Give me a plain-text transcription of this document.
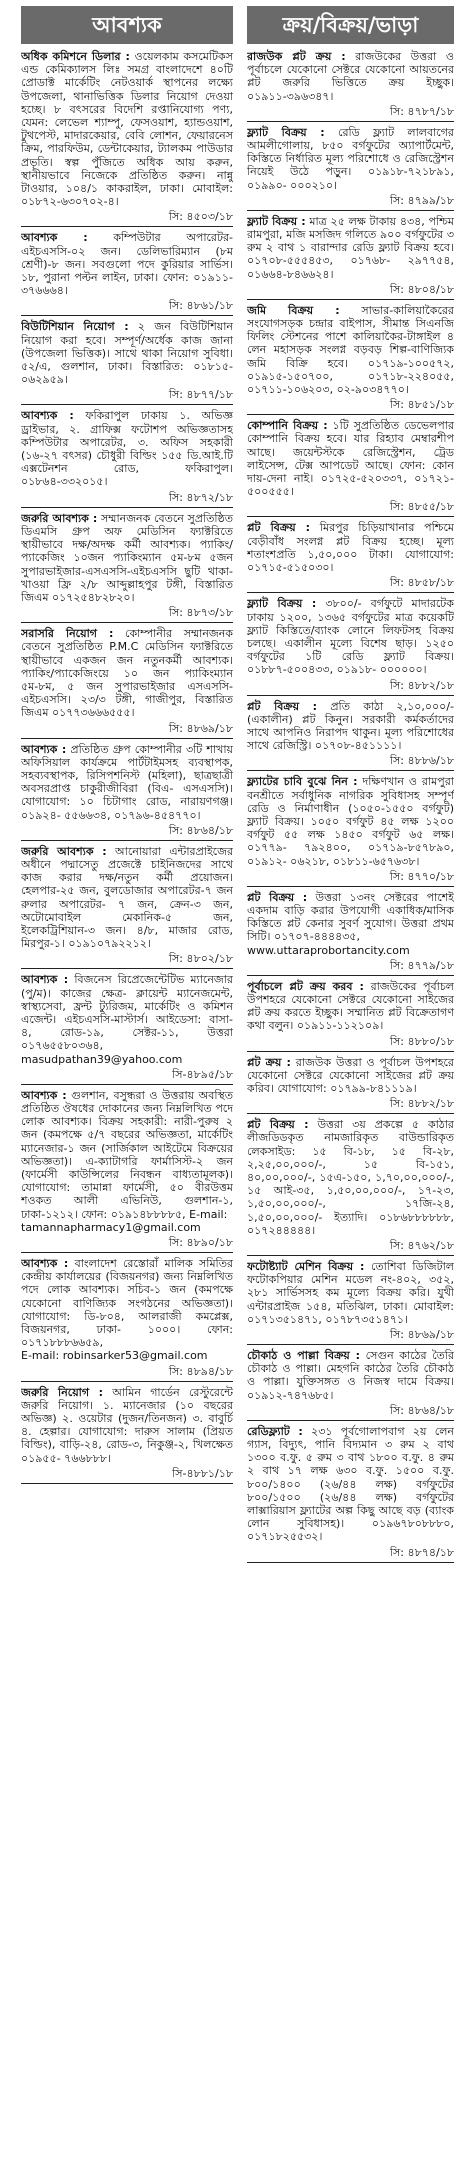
আবশ্যক
অধিক কমিশনে ডিলার : ওয়েলকাম কসমেটিকস এন্ড কেমিক্যালস লিঃ সমগ্র বাংলাদেশে ৪০টি প্রোডাক্ট মার্কেটিং নেটওয়ার্ক স্থাপনের লক্ষ্যে উপজেলা, থানাভিত্তিক ডিলার নিয়োগ দেওয়া হচ্ছে। ৮ বৎসরের বিদেশি রপ্তানিযোগ্য পণ্য, যেমন: লেভেল শ্যাম্পু, ফেসওয়াশ, হ্যান্ডওয়াশ, টুথপেস্ট, মাদারকেয়ার, বেবি লোশন, ফেয়ারনেস ক্রিম, পারফিউম, ডেন্টাকেয়ার, ট্যালকম পাউডার প্রভৃতি। স্বল্প পুঁজিতে অধিক আয় করুন, স্থানীয়ভাবে নিজেকে প্রতিষ্ঠিত করুন। নান্নু টাওয়ার, ১০৪/১ কাকরাইল, ঢাকা। মোবাইল: ০১৮৭২-৬৩০৭০২-৪।
সি: ৪৫০৩/১৮
আবশ্যক : কম্পিউটার অপারেটর- এইচএসসি-০২ জন। ডেলিভারিম্যান (৮ম শ্রেণী)-৮ জন। সবগুলো পদে কুরিয়ার সার্ভিস। ১৮, পুরানা পল্টন লাইন, ঢাকা। ফোন: ০১৯১১- ৩৭৬৬৬৪।
সি: ৪৮৬১/১৮
বিউটিশিয়ান নিয়োগ : ২ জন বিউটিশিয়ান নিয়োগ করা হবে। সম্পূর্ণ/অর্ধেক কাজ জানা (উপজেলা ভিত্তিক)। সাথে থাকা নিয়োগ সুবিধা। ৫২/এ, গুলশান, ঢাকা। বিস্তারিত: ০১৮১৫- ০৬২৯৫৯।
সি: ৪৮৭৭/১৮
আবশ্যক : ফকিরাপুল ঢাকায় ১. অভিজ্ঞ ড্রাইভার, ২. গ্রাফিক্স ফটোশপ অভিজ্ঞতাসহ কম্পিউটার অপারেটর, ৩. অফিস সহকারী (১৬-২৭ বৎসর) চৌধুরী বিল্ডিং ১৫৫ ডি.আই.টি এক্সটেনশন রোড, ফকিরাপুল। ০১৮৬৪-৩৩২০১৫।
সি: ৪৮৭২/১৮
জরুরি আবশ্যক : সম্মানজনক বেতনে সুপ্রতিষ্ঠিত ডিএমসি গ্রুপ অফ মেডিসিন ফ্যাক্টরিতে স্থায়ীভাবে দক্ষ/অদক্ষ কর্মী আবশ্যক। প্যাকিং/প্যাকেজিং ১০জন প্যাকিংম্যান ৫ম-৮ম ৫জন সুপারভাইজার-এসএসসি-এইচএসসি ছুটি থাকা-খাওয়া ফ্রি ২/৮ আব্দুল্লাহপুর টঙ্গী, বিস্তারিত জিএম ০১৭২৫৪৮২৮২০।
সি: ৪৮৭৩/১৮
সরাসরি নিয়োগ : কোম্পানীর সম্মানজনক বেতনে সুপ্রতিষ্ঠিত P.M.C মেডিসিন ফ্যাক্টরিতে স্থায়ীভাবে একজন জন নতুনকর্মী আবশ্যক। প্যাকিং/প্যাকেজিংয়ে ১০ জন প্যাকিংম্যান ৫ম-৮ম, ৫ জন সুপারভাইজার এসএসসি-এইচএসসি। ২৩/৩ টঙ্গী, গাজীপুর, বিস্তারিত জিএম ০১৭৭৩৬৬৬৫৫৫।
সি: ৪৮৬৯/১৮
আবশ্যক : প্রতিষ্ঠিত গ্রুপ কোম্পানীর ৩টি শাখায় অফিসিয়াল কার্যক্রমে পার্টটাইমসহ ব্যবস্থাপক, সহব্যবস্থাপক, রিসিপশনিস্ট (মহিলা), ছাত্রছাত্রী অবসরপ্রাপ্ত চাকুরীজীবিরা (বিএ- এসএসসি)। যোগাযোগ: ১০ চিটাগাং রোড, নারায়ণগঞ্জ। ০১৯২৪- ৫৫৬৬৩৪, ০১৭৯৬-৪৫৪৭৭০।
সি: ৪৮৬৪/১৮
জরুরি আবশ্যক : আনোয়ারা এন্টারপ্রাইজের অধীনে পদ্মাসেতু প্রজেক্টে চাইনিজদের সাথে কাজ করার দক্ষ/নতুন কর্মী প্রয়োজন। হেলপার-২৫ জন, বুলডোজার অপারেটর-৭ জন রুলার অপারেটর- ৭ জন, ক্রেন-৩ জন, অটোমোবাইল মেকানিক-৫ জন, ইলেকট্রিশিয়ান-৩ জন। ৪/৮, মাজার রোড, মিরপুর-১। ০১৯১০৭৯২২১২।
সি: ৪৮০২/১৮
আবশ্যক : বিজনেস রিপ্রেজেন্টেটিভ ম্যানেজার (পু/ম)। কাজের ক্ষেত্র- ক্লায়েন্ট ম্যানেজমেন্ট, স্বাস্থ্যসেবা, ফ্রন্ট ট্যুরিজম, মার্কেটিং ও কমিশন এজেন্ট। এইচএসসি-মাস্টার্স। আইডেসা: বাসা- ৪, রোড-১৯, সেক্টর-১১, উত্তরা ০১৭৬৫৫৮০৩৬৪,
masudpathan39@yahoo.com
সি-৪৮৯৫/১৮
আবশ্যক : গুলশান, বসুন্ধরা ও উত্তরায় অবস্থিত প্রতিষ্ঠিত ঔষধের দোকানের জন্য নিম্নলিখিত পদে লোক আবশ্যক। বিক্রয় সহকারী: নারী-পুরুষ ২ জন (কমপক্ষে ৫/৭ বছরের অভিজ্ঞতা, মার্কেটিং ম্যানেজার-১ জন (সার্জিকাল আইটেমে বিক্রয়ের অভিজ্ঞতা)। এ-ক্যাটাগরি ফার্মাসিস্ট-২ জন (ফার্মেসী কাউন্সিলের নিবন্ধন বাধ্যতামূলক)। যোগাযোগ: তামান্না ফার্মেসী, ৫০ বীরউত্তম শওকত আলী এভিনিউ, গুলশান-১, ঢাকা-১২১২। ফোন: ০১৯১৪৮৮৮৮৫, E-mail:
tamannapharmacy1@gmail.com
সি: ৪৮৯০/১৮
আবশ্যক : বাংলাদেশ রেস্তোরাঁ মালিক সমিতির কেন্দ্রীয় কার্যালয়ের (বিজয়নগর) জন্য নিম্নলিখিত পদে লোক আবশ্যক। সচিব-১ জন (কমপক্ষে যেকোনো বাণিজ্যিক সংগঠনের অভিজ্ঞতা)। যোগাযোগ: ডি-৮০৪, আলরাজী কমপ্লেক্স, বিজয়নগর, ঢাকা- ১০০০। ফোন: ০১৭১৮৮৮৬৬৫৯,
E-mail: robinsarker53@gmail.com
সি: ৪৮৯৪/১৮
জরুরি নিয়োগ : আমিন গার্ডেন রেস্টুরেন্টে জরুরি নিয়োগ। ১. ম্যানেজার (১০ বছরের অভিজ্ঞ) ২. ওয়েটার (দুজন/তিনজন) ৩. বাবুর্চি ৪. হেল্পার। যোগাযোগ: দারুস সালাম (প্রিয়ত বিল্ডিং), বাড়ি-২৪, রোড-৩, নিকুঞ্জ-২, খিলক্ষেত ০১৯৫৫- ৭৬৬৮৮৮।
সি-৪৮৮১/১৮
ক্রয়/বিক্রয়/ভাড়া
রাজউক প্লট ক্রয় : রাজউকের উত্তরা ও পূর্বাচলে যেকোনো সেক্টরে যেকোনো আয়তনের প্লট জরুরি ভিত্তিতে ক্রয় ইচ্ছুক। ০১৯১১-৩৯৬৩৪৭।
সি: ৪৭৮৭/১৮
ফ্ল্যাট বিক্রয় : রেডি ফ্ল্যাট লালবাগের আমলীগোলায়, ৮৫০ বর্গফুটের অ্যাপার্টমেন্ট, কিস্তিতে নির্ধারিত মূল্য পরিশোধে ও রেজিস্ট্রেশন নিয়েই উঠে পড়ুন। ০১৯১৮-৭২১৮৯১, ০১৯৯০- ০০০২১০।
সি: ৪৭৯৯/১৮
ফ্ল্যাট বিক্রয় : মাত্র ২৫ লক্ষ টাকায় ৪৩৪, পশ্চিম রামপুরা, মজি মসজিদ গলিতে ৯০০ বর্গফুটের ৩ রুম ২ বাথ ১ বারান্দার রেডি ফ্ল্যাট বিক্রয় হবে। ০১৭০৮-৫৫৫৪৫৩, ০১৭৬৮- ২৯৭৭৫৪, ০১৬৬৪-৮৪৬৬২৪।
সি: ৪৮০৪/১৮
জমি বিক্রয় : সাভার-কালিয়াকৈরের সংযোগসড়ক চন্দ্রার বাইপাস, সীমান্ত সিএনজি ফিলিং স্টেশনের পাশে কালিয়াকৈর-টাঙ্গাইল ৪ লেন মহাসড়ক সংলগ্ন বড়বড় শিল্প-বাণিজ্যিক জমি বিক্রি হবে। ০১৭১৯-১০০৫৭২, ০১৯১৫-১৫০৭০০, ০১৭১৮-২২৪০৫৫, ০১৭১১-১০৬২০৩, ০২-৯০৩৪৭৭০।
সি: ৪৮৫১/১৮
কোম্পানি বিক্রয় : ১টি সুপ্রতিষ্ঠিত ডেভেলপার কোম্পানি বিক্রয় হবে। যার রিহ্যাব মেম্বারশীপ আছে। জয়েন্টস্টকে রেজিস্ট্রেশন, ট্রেড লাইসেন্স, টেক্স আপডেট আছে। ফোন: কোন দায়-দেনা নাই। ০১৭২৫-৫২০৩৩৭, ০১৭২১- ৫০০৫৫৫।
সি: ৪৮৫৫/১৮
প্লট বিক্রয় : মিরপুর চিড়িয়াখানার পশ্চিমে বেড়ীবাঁধ সংলগ্ন প্লট বিক্রয় হচ্ছে। মূল্য শতাংশপ্রতি ১,৫০,০০০ টাকা। যোগাযোগ: ০১৭১৫-৫১৫০৩০।
সি: ৪৮৫৮/১৮
ফ্ল্যাট বিক্রয় : ৩৮০০/- বর্গফুটে মাদারটেক ঢাকায় ১২০০, ১৩৬৫ বর্গফুটের মাত্র কয়েকটি ফ্ল্যাট কিস্তিতে/ব্যাংক লোনে লিফটসহ বিক্রয় চলছে। একালীন মূল্যে বিশেষ ছাড়। ১২৫০ বর্গফুটের ১টি রেডি ফ্ল্যাট বিক্রয়। ০১৮৮৭-৫০০৪৩৩, ০১৯১৮- ০০০০০০।
সি: ৪৮৮২/১৮
প্লট বিক্রয় : প্রতি কাঠা ২,১০,০০০/- (একালীন) প্লট কিনুন। সরকারী কর্মকর্তাদের সাথে আপনিও নিরাপদ থাকুন। মূল্য পরিশোধের সাথে রেজিস্ট্রি। ০১৭০৮-৪৫১১১১।
সি: ৪৮৮৬/১৮
ফ্ল্যাটের চাবি বুঝে নিন : দক্ষিণখান ও রামপুরা বনশ্রীতে সর্বাধুনিক নাগরিক সুবিধাসহ সম্পূর্ণ রেডি ও নির্মাণাধীন (১০৫০-১৫৫০ বর্গফুট) ফ্ল্যাট বিক্রয়। ১০৫০ বর্গফুট ৪৫ লক্ষ ১২০০ বর্গফুট ৫৫ লক্ষ ১৪৫০ বর্গফুট ৬৫ লক্ষ। ০১৭৭৯- ৭৯২৪০০, ০১৭১৯-৮৫৭৮৯০, ০১৯১২- ০৬২১৮, ০১৮১১-৬৫৭৬৩৮।
সি: ৪৭৭০/১৮
প্লট বিক্রয় : উত্তরা ১৩নং সেক্টরের পাশেই একদাম বাড়ি করার উপযোগী একাধিক/মাসিক কিস্তিতে প্লট কেনার সুবর্ণ সুযোগ। উত্তরা প্রথম সিটি। ০১৭০৭-৪৪৪৪৩৫,
www.uttaraprobortancity.com
সি: ৪৭৭৯/১৮
পূর্বাচলে প্লট ক্রয় করব : রাজউকের পূর্বাচল উপশহরে যেকোনো সেক্টরে যেকোনো সাইজের প্লট ক্রয় করতে ইচ্ছুক। সম্মানিত প্লট বিক্রেতাগণ কথা বলুন। ০১৯১১-১১২১০৯।
সি: ৪৮৮০/১৮
প্লট ক্রয় : রাজউক উত্তরা ও পূর্বাচল উপশহরে যেকোনো সেক্টরে যেকোনো সাইজের প্লট ক্রয় করিব। যোগাযোগ: ০১৭৯৯-৮৪১১১৯।
সি: ৪৮৮২/১৮
প্লট বিক্রয় : উত্তরা ৩য় প্রকল্পে ৫ কাঠার লীজডিডকৃত নামজারিকৃত বাউন্ডারিকৃত লেকসাইড: ১৫ বি-১৮, ১৫ বি-২৮, ২,২৫,০০,০০০/-, ১৫ বি-১৫১, ৪০,০০,০০০/-, ১৫এ-১৫০, ১,৭০,০০,০০০/-, ১৫ আই-৩৫, ১,৫০,০০,০০০/-, ১৭-২৩, ১,৫০,০০,০০০/-, ১৭জি-২৪, ১,৫০,০০,০০০/- ইত্যাদি। ০১৮৬৮৮৮৮৮৮, ০১৭২৪৪৪৪৪।
সি: ৪৭৬২/১৮
ফটোষ্ট্যাট মেশিন বিক্রয় : তোশিবা ডিজিটাল ফটোকপিয়ার মেশিন মডেল নং-৪০২, ৩৫২, ২৮১ সার্ভিসসহ কম মূল্যে বিক্রয় করি। যুথী এন্টারপ্রাইজ ১৫৪, মতিঝিল, ঢাকা। মোবাইল: ০১৭১৩৫১৪৭১, ০১৭৮৭৩৫১৪৭১।
সি: ৪৮৬৯/১৮
চৌকাঠ ও পাল্লা বিক্রয় : সেগুন কাঠের তৈরি চৌকাঠ ও পাল্লা। মেহগনি কাঠের তৈরি চৌকাঠ ও পাল্লা। যুক্তিসঙ্গত ও নিজস্ব দামে বিক্রয়। ০১৯১২-৭৪৭৬৮৫।
সি: ৪৮৬৪/১৮
রেডিফ্ল্যাট : ২৩১ পূর্বগোলাপবাগ ২য় লেন গ্যাস, বিদ্যুৎ, পানি বিদ্যমান ৩ রুম ২ বাথ ১৩০০ ব.ফু. ৫ রুম ৩ বাথ ১৮০০ ব.ফু. ৪ রুম ২ বাথ ১৭ লক্ষ ৬৩০ ব.ফু. ১৫০০ ব.ফু. ৮০০/১৪০০ (২৬/৪৪ লক্ষ) বর্গফুটের ৮০০/১৫০০ (২৬/৪৪ লক্ষ) বর্গফুটের লাক্সারিয়াস ফ্ল্যাটের অল্প কিছু আছে বড় (ব্যাংক লোন সুবিধাসহ)। ০১৯৬৭৮০৮৮৮০, ০১৭১৮২৫৫৩২।
সি: ৪৮৭৪/১৮
